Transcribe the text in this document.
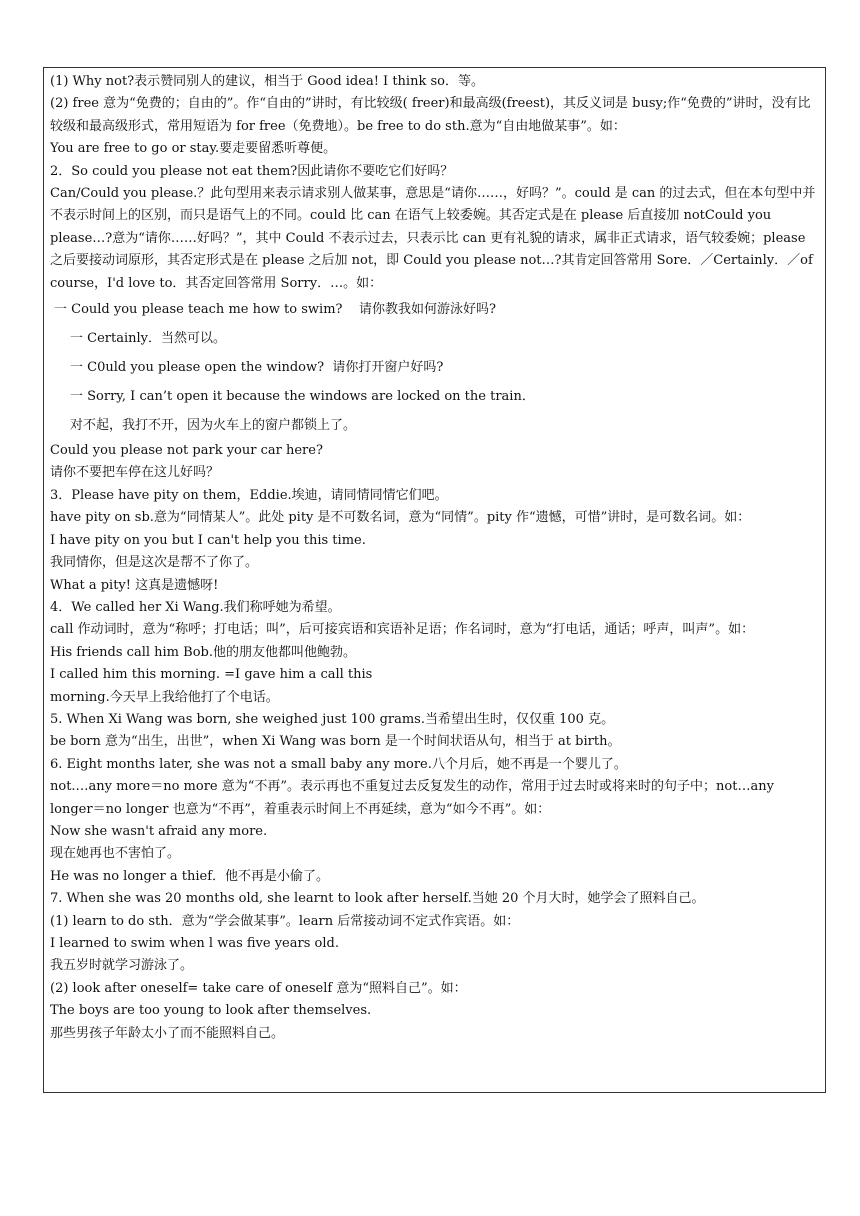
(1) Why not?表示赞同别人的建议，相当于 Good idea! I think so．等。
(2) free 意为“免费的；自由的”。作“自由的”讲时，有比较级( freer)和最高级(freest)，其反义词是 busy;作“免费的”讲时，没有比较级和最高级形式，常用短语为 for free（免费地）。be free to do sth.意为“自由地做某事”。如：
You are free to go or stay.要走要留悉听尊便。
2．So could you please not eat them?因此请你不要吃它们好吗？
Can/Could you please.？此句型用来表示请求别人做某事，意思是“请你……，好吗？”。could 是 can 的过去式，但在本句型中并不表示时间上的区别，而只是语气上的不同。could 比 can 在语气上较委婉。其否定式是在 please 后直接加 notCould you please…?意为“请你……好吗？”，其中 Could 不表示过去，只表示比 can 更有礼貌的请求，属非正式请求，语气较委婉；please 之后要接动词原形，其否定形式是在 please 之后加 not，即 Could you please not…?其肯定回答常用 Sore．／Certainly．／of course，I'd love to．其否定回答常用 Sorry．…。如：
一 Could you please teach me how to swim?    请你教我如何游泳好吗?
一 Certainly．当然可以。
一 C0uld you please open the window?  请你打开窗户好吗?
一 Sorry, I can’t open it because the windows are locked on the train．
对不起，我打不开，因为火车上的窗户都锁上了。
Could you please not park your car here?
请你不要把车停在这儿好吗？
3．Please have pity on them，Eddie.埃迪，请同情同情它们吧。
have pity on sb.意为“同情某人”。此处 pity 是不可数名词，意为“同情”。pity 作“遗憾，可惜”讲时，是可数名词。如：
I have pity on you but I can't help you this time.
我同情你，但是这次是帮不了你了。
What a pity! 这真是遗憾呀!
4．We called her Xi Wang.我们称呼她为希望。
call 作动词时，意为“称呼；打电话；叫”，后可接宾语和宾语补足语；作名词时，意为“打电话，通话；呼声，叫声”。如：
His friends call him Bob.他的朋友他都叫他鲍勃。
I called him this morning. =I gave him a call this
morning.今天早上我给他打了个电话。
5. When Xi Wang was born, she weighed just 100 grams.当希望出生时，仅仅重 100 克。
be born 意为“出生，出世”，when Xi Wang was born 是一个时间状语从句，相当于 at birth。
6. Eight months later, she was not a small baby any more.八个月后，她不再是一个婴儿了。
not.…any more＝no more 意为“不再”。表示再也不重复过去反复发生的动作，常用于过去时或将来时的句子中；not…any longer＝no longer 也意为“不再”，着重表示时间上不再延续，意为“如今不再”。如：
Now she wasn't afraid any more.
现在她再也不害怕了。
He was no longer a thief．他不再是小偷了。
7. When she was 20 months old, she learnt to look after herself.当她 20 个月大时，她学会了照料自己。
(1) learn to do sth．意为“学会做某事”。learn 后常接动词不定式作宾语。如：
I learned to swim when l was five years old.
我五岁时就学习游泳了。
(2) look after oneself= take care of oneself 意为“照料自己”。如：
The boys are too young to look after themselves.
那些男孩子年龄太小了而不能照料自己。
